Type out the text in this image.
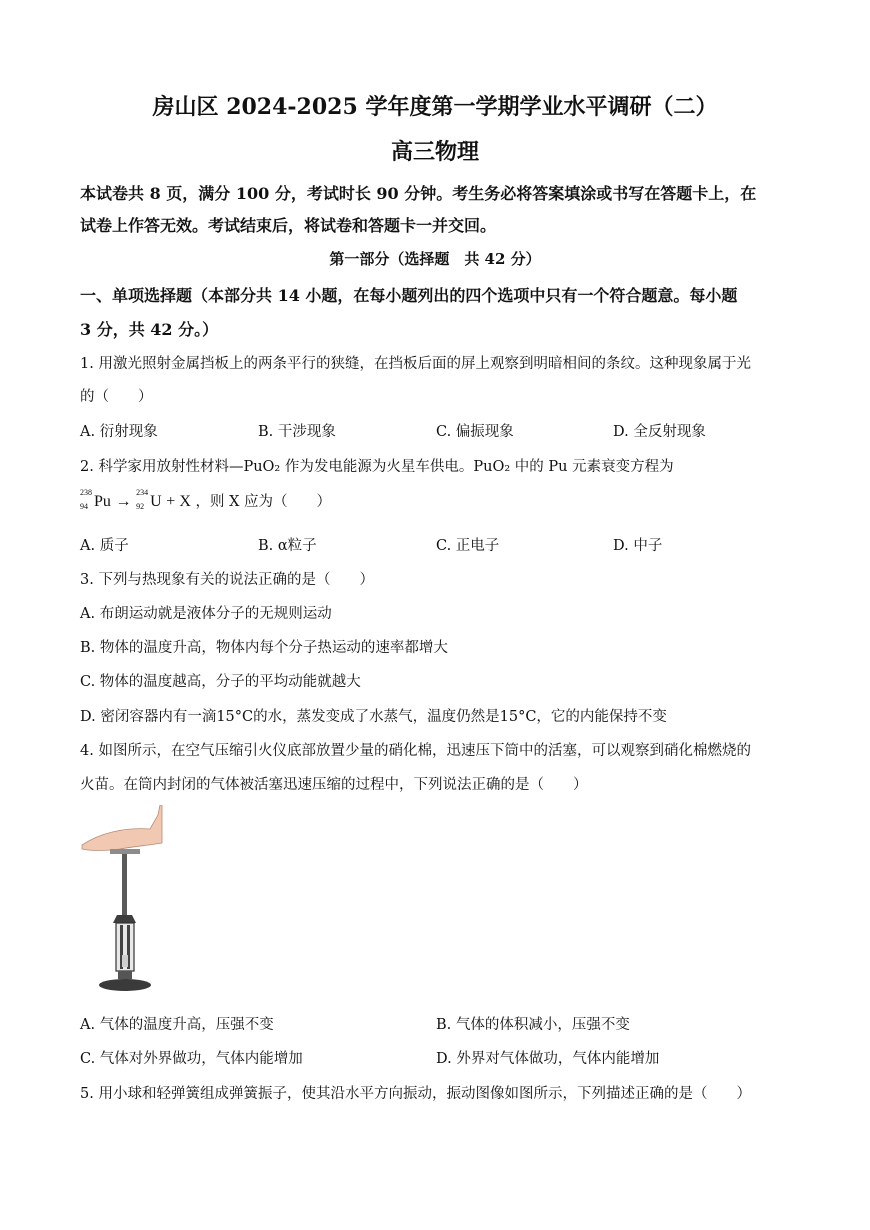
房山区 2024-2025 学年度第一学期学业水平调研（二）
高三物理
本试卷共 8 页，满分 100 分，考试时长 90 分钟。考生务必将答案填涂或书写在答题卡上，在
试卷上作答无效。考试结束后，将试卷和答题卡一并交回。
第一部分（选择题　共 42 分）
一、单项选择题（本部分共 14 小题，在每小题列出的四个选项中只有一个符合题意。每小题
3 分，共 42 分。）
1. 用激光照射金属挡板上的两条平行的狭缝，在挡板后面的屏上观察到明暗相间的条纹。这种现象属于光
的（　　）
A. 衍射现象	B. 干涉现象	C. 偏振现象	D. 全反射现象
2. 科学家用放射性材料—PuO₂ 作为发电能源为火星车供电。PuO₂ 中的 Pu 元素衰变方程为
238
94 Pu →
234
92 U + X ，则 X 应为（　　）
A. 质子	B. α粒子	C. 正电子	D. 中子
3. 下列与热现象有关的说法正确的是（　　）
A. 布朗运动就是液体分子的无规则运动
B. 物体的温度升高，物体内每个分子热运动的速率都增大
C. 物体的温度越高，分子的平均动能就越大
D. 密闭容器内有一滴15°C的水，蒸发变成了水蒸气，温度仍然是15°C，它的内能保持不变
4. 如图所示，在空气压缩引火仪底部放置少量的硝化棉，迅速压下筒中的活塞，可以观察到硝化棉燃烧的
火苗。在筒内封闭的气体被活塞迅速压缩的过程中，下列说法正确的是（　　）
A. 气体的温度升高，压强不变	B. 气体的体积减小，压强不变
C. 气体对外界做功，气体内能增加	D. 外界对气体做功，气体内能增加
5. 用小球和轻弹簧组成弹簧振子，使其沿水平方向振动，振动图像如图所示，下列描述正确的是（　　）
